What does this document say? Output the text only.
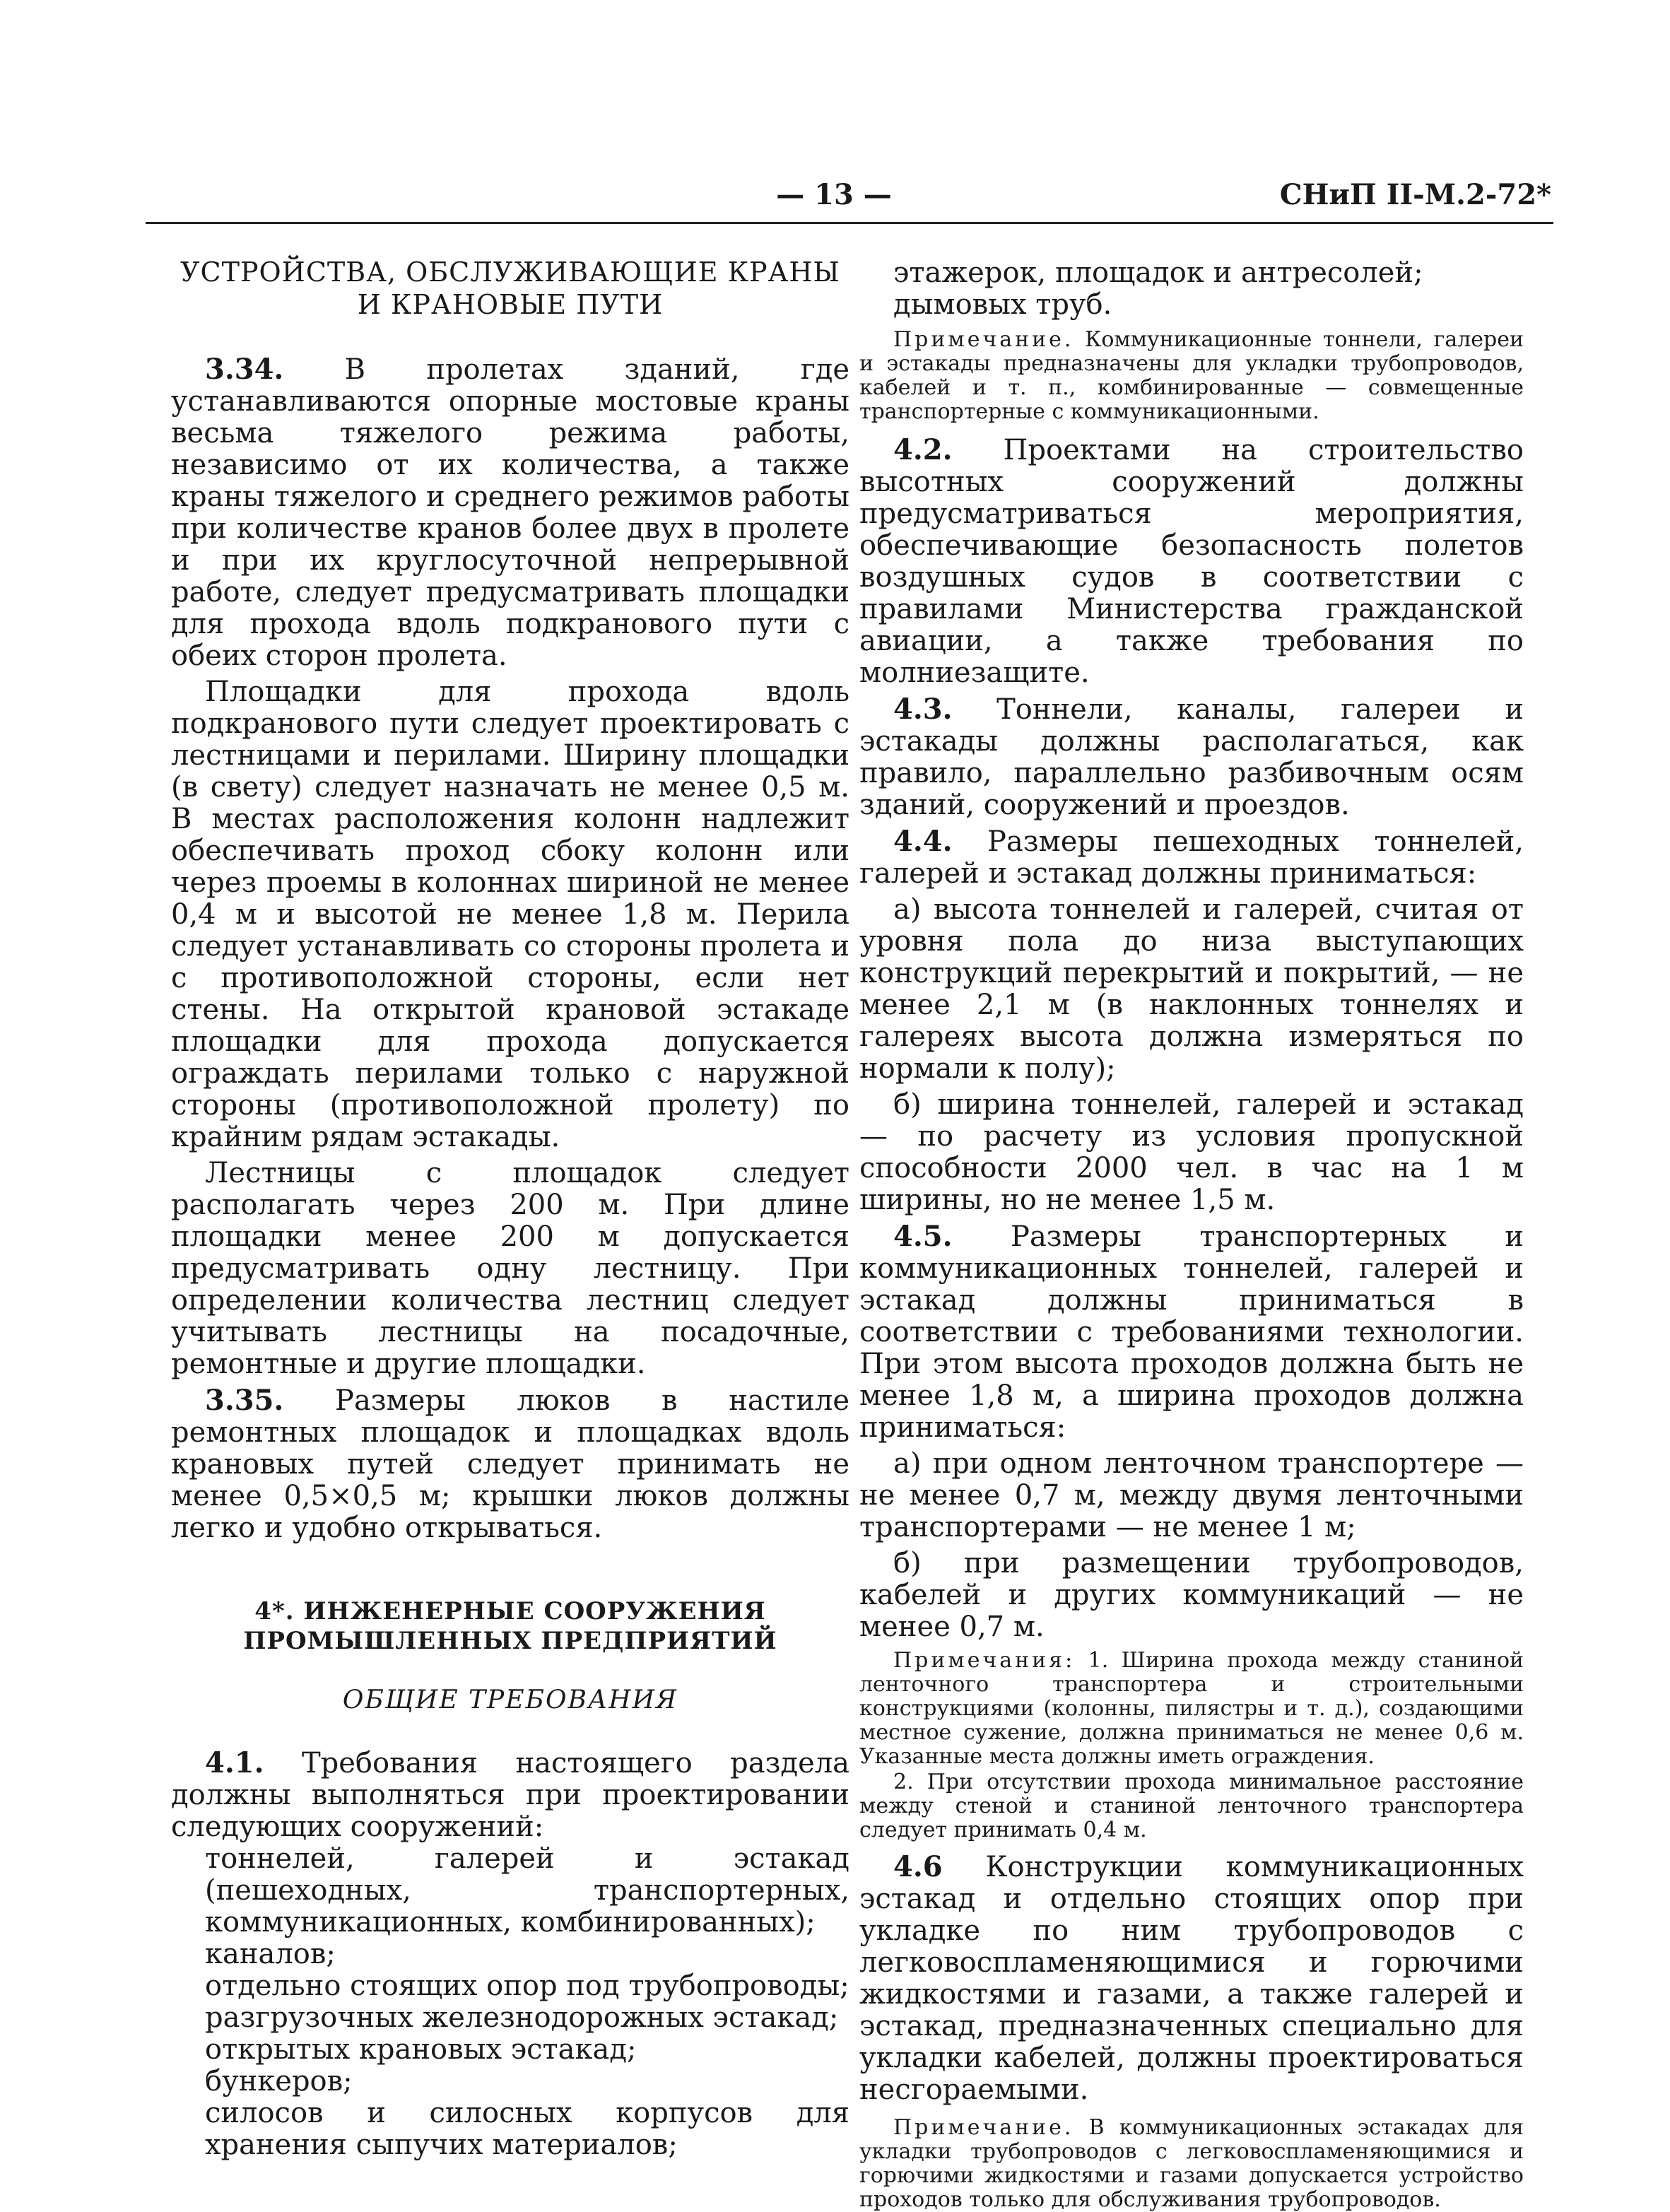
— 13 —	СНиП II-М.2-72*
УСТРОЙСТВА, ОБСЛУЖИВАЮЩИЕ КРАНЫ
И КРАНОВЫЕ ПУТИ

3.34. В пролетах зданий, где устанавливаются опорные мостовые краны весьма тяжелого режима работы, независимо от их количества, а также краны тяжелого и среднего режимов работы при количестве кранов более двух в пролете и при их круглосуточной непрерывной работе, следует предусматривать площадки для прохода вдоль подкранового пути с обеих сторон пролета.

Площадки для прохода вдоль подкранового пути следует проектировать с лестницами и перилами. Ширину площадки (в свету) следует назначать не менее 0,5 м. В местах расположения колонн надлежит обеспечивать проход сбоку колонн или через проемы в колоннах шириной не менее 0,4 м и высотой не менее 1,8 м. Перила следует устанавливать со стороны пролета и с противоположной стороны, если нет стены. На открытой крановой эстакаде площадки для прохода допускается ограждать перилами только с наружной стороны (противоположной пролету) по крайним рядам эстакады.

Лестницы с площадок следует располагать через 200 м. При длине площадки менее 200 м допускается предусматривать одну лестницу. При определении количества лестниц следует учитывать лестницы на посадочные, ремонтные и другие площадки.

3.35. Размеры люков в настиле ремонтных площадок и площадках вдоль крановых путей следует принимать не менее 0,5×0,5 м; крышки люков должны легко и удобно открываться.

4*. ИНЖЕНЕРНЫЕ СООРУЖЕНИЯ
ПРОМЫШЛЕННЫХ ПРЕДПРИЯТИЙ
ОБЩИЕ ТРЕБОВАНИЯ

4.1. Требования настоящего раздела должны выполняться при проектировании следующих сооружений:

тоннелей, галерей и эстакад (пешеходных, транспортерных, коммуникационных, комбинированных);

каналов;

отдельно стоящих опор под трубопроводы;

разгрузочных железнодорожных эстакад;

открытых крановых эстакад;

бункеров;

силосов и силосных корпусов для хранения сыпучих материалов;

этажерок, площадок и антресолей;

дымовых труб.

Примечание. Коммуникационные тоннели, галереи и эстакады предназначены для укладки трубопроводов, кабелей и т. п., комбинированные — совмещенные транспортерные с коммуникационными.

4.2. Проектами на строительство высотных сооружений должны предусматриваться мероприятия, обеспечивающие безопасность полетов воздушных судов в соответствии с правилами Министерства гражданской авиации, а также требования по молниезащите.

4.3. Тоннели, каналы, галереи и эстакады должны располагаться, как правило, параллельно разбивочным осям зданий, сооружений и проездов.

4.4. Размеры пешеходных тоннелей, галерей и эстакад должны приниматься:

а) высота тоннелей и галерей, считая от уровня пола до низа выступающих конструкций перекрытий и покрытий, — не менее 2,1 м (в наклонных тоннелях и галереях высота должна измеряться по нормали к полу);

б) ширина тоннелей, галерей и эстакад — по расчету из условия пропускной способности 2000 чел. в час на 1 м ширины, но не менее 1,5 м.

4.5. Размеры транспортерных и коммуникационных тоннелей, галерей и эстакад должны приниматься в соответствии с требованиями технологии. При этом высота проходов должна быть не менее 1,8 м, а ширина проходов должна приниматься:

а) при одном ленточном транспортере — не менее 0,7 м, между двумя ленточными транспортерами — не менее 1 м;

б) при размещении трубопроводов, кабелей и других коммуникаций — не менее 0,7 м.

Примечания: 1. Ширина прохода между станиной ленточного транспортера и строительными конструкциями (колонны, пилястры и т. д.), создающими местное сужение, должна приниматься не менее 0,6 м. Указанные места должны иметь ограждения.

2. При отсутствии прохода минимальное расстояние между стеной и станиной ленточного транспортера следует принимать 0,4 м.

4.6 Конструкции коммуникационных эстакад и отдельно стоящих опор при укладке по ним трубопроводов с легковоспламеняющимися и горючими жидкостями и газами, а также галерей и эстакад, предназначенных специально для укладки кабелей, должны проектироваться несгораемыми.

Примечание. В коммуникационных эстакадах для укладки трубопроводов с легковоспламеняющимися и горючими жидкостями и газами допускается устройство проходов только для обслуживания трубопроводов.
